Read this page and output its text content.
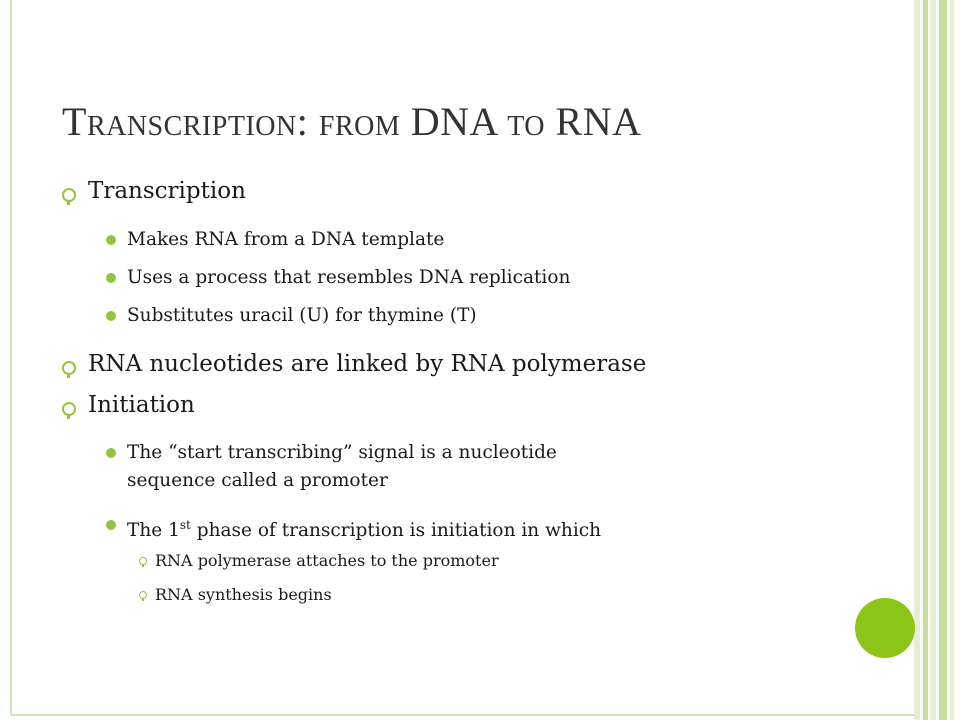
TRANSCRIPTION: FROM DNA TO RNA
Transcription
Makes RNA from a DNA template
Uses a process that resembles DNA replication
Substitutes uracil (U) for thymine (T)
RNA nucleotides are linked by RNA polymerase
Initiation
The “start transcribing” signal is a nucleotide
sequence called a promoter
The 1st phase of transcription is initiation in which
RNA polymerase attaches to the promoter
RNA synthesis begins
